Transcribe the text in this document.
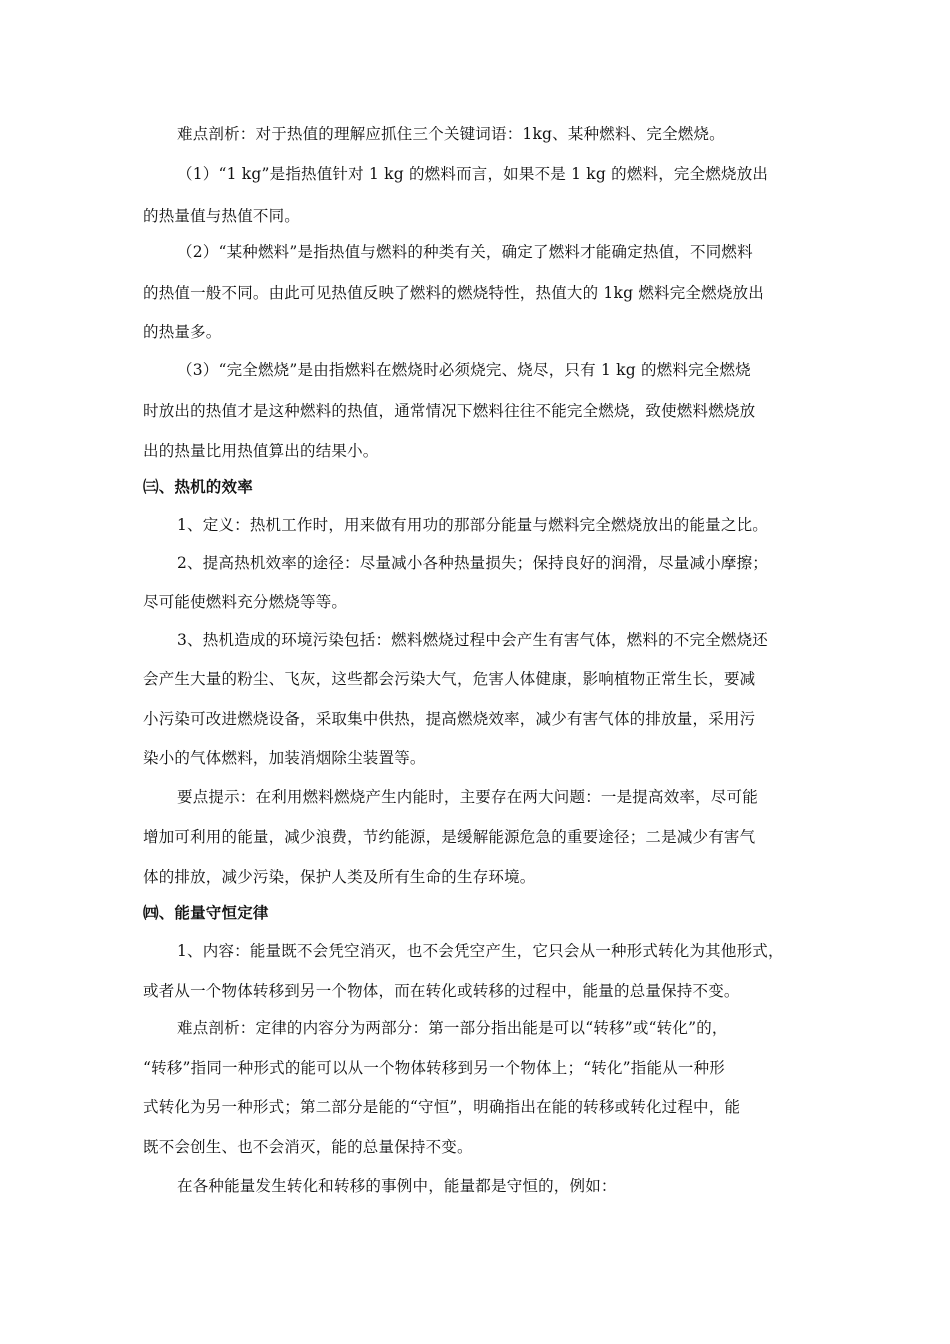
难点剖析：对于热值的理解应抓住三个关键词语：1kg、某种燃料、完全燃烧。
（1）“1 kg”是指热值针对 1 kg 的燃料而言，如果不是 1 kg 的燃料，完全燃烧放出
的热量值与热值不同。
（2）“某种燃料”是指热值与燃料的种类有关，确定了燃料才能确定热值，不同燃料
的热值一般不同。由此可见热值反映了燃料的燃烧特性，热值大的 1kg 燃料完全燃烧放出
的热量多。
（3）“完全燃烧”是由指燃料在燃烧时必须烧完、烧尽，只有 1 kg 的燃料完全燃烧
时放出的热值才是这种燃料的热值，通常情况下燃料往往不能完全燃烧，致使燃料燃烧放
出的热量比用热值算出的结果小。
㈢、热机的效率
1、定义：热机工作时，用来做有用功的那部分能量与燃料完全燃烧放出的能量之比。
2、提高热机效率的途径：尽量减小各种热量损失；保持良好的润滑，尽量减小摩擦；
尽可能使燃料充分燃烧等等。
3、热机造成的环境污染包括：燃料燃烧过程中会产生有害气体，燃料的不完全燃烧还
会产生大量的粉尘、飞灰，这些都会污染大气，危害人体健康，影响植物正常生长，要减
小污染可改进燃烧设备，采取集中供热，提高燃烧效率，减少有害气体的排放量，采用污
染小的气体燃料，加装消烟除尘装置等。
要点提示：在利用燃料燃烧产生内能时，主要存在两大问题：一是提高效率，尽可能
增加可利用的能量，减少浪费，节约能源，是缓解能源危急的重要途径；二是减少有害气
体的排放，减少污染，保护人类及所有生命的生存环境。
㈣、能量守恒定律
1、内容：能量既不会凭空消灭，也不会凭空产生，它只会从一种形式转化为其他形式，
或者从一个物体转移到另一个物体，而在转化或转移的过程中，能量的总量保持不变。
难点剖析：定律的内容分为两部分：第一部分指出能是可以“转移”或“转化”的，
“转移”指同一种形式的能可以从一个物体转移到另一个物体上；“转化”指能从一种形
式转化为另一种形式；第二部分是能的“守恒”，明确指出在能的转移或转化过程中，能
既不会创生、也不会消灭，能的总量保持不变。
在各种能量发生转化和转移的事例中，能量都是守恒的，例如：
